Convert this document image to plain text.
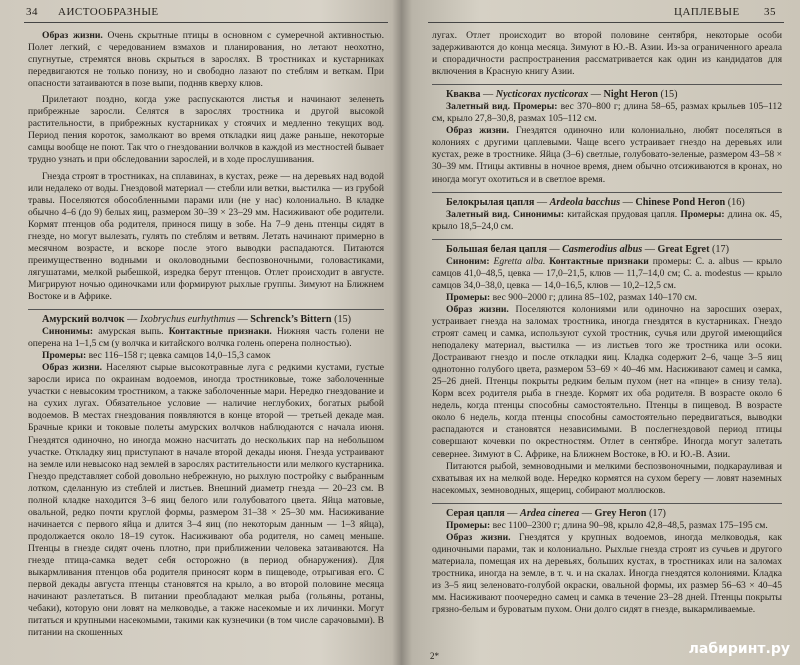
34 АИСТООБРАЗНЫЕ

Образ жизни. Очень скрытные птицы в основном с сумеречной активностью. Полет легкий, с чередованием взмахов и планирования, но летают неохотно, спугнутые, стремятся вновь скрыться в зарослях. В тростниках и кустарниках передвигаются не только понизу, но и свободно лазают по стеблям и веткам. При опасности затаиваются в позе выпи, подняв кверху клюв.

Прилетают поздно, когда уже распускаются листья и начинают зеленеть прибрежные заросли. Селятся в зарослях тростника и другой высокой растительности, в прибрежных кустарниках у стоячих и медленно текущих вод. Период пения короток, замолкают во время откладки яиц даже раньше, некоторые самцы вообще не поют. Так что о гнездовании волчков в каждой из местностей бывает трудно узнать и при обследовании зарослей, и в ходе прослушивания.

Гнезда строят в тростниках, на сплавинах, в кустах, реже — на деревьях над водой или недалеко от воды. Гнездовой материал — стебли или ветки, выстилка — из грубой травы. Поселяются обособленными парами или (не у нас) колониально. В кладке обычно 4–6 (до 9) белых яиц, размером 30–39 × 23–29 мм. Насиживают обе родители. Кормят птенцов оба родителя, принося пищу в зобе. На 7–9 день птенцы сидят в гнезде, но могут вылезать, гулять по стеблям и ветвям. Летать начинают примерно в месячном возрасте, и вскоре после этого выводки распадаются. Питаются преимущественно водными и околоводными беспозвоночными, головастиками, лягушатами, мелкой рыбешкой, изредка берут птенцов. Отлет происходит в августе. Мигрируют ночью одиночками или формируют рыхлые группы. Зимуют на Ближнем Востоке и в Африке.

Амурский волчок — Ixobrychus eurhythmus — Schrenck’s Bittern (15)

Синонимы: амурская выпь. Контактные признаки. Нижняя часть голени не оперена на 1–1,5 см (у волчка и китайского волчка голень оперена полностью).

Промеры: вес 116–158 г; цевка самцов 14,0–15,3 самок

Образ жизни. Населяют сырые высокотравные луга с редкими кустами, густые заросли ириса по окраинам водоемов, иногда тростниковые, тоже заболоченные участки с невысоким тростником, а также заболоченные мари. Нередко гнездование и на сухих лугах. Обязательное условие — наличие неглубоких, богатых рыбой водоемов. В местах гнездования появляются в конце второй — третьей декаде мая. Брачные крики и токовые полеты амурских волчков наблюдаются с начала июня. Гнездятся одиночно, но иногда можно насчитать до нескольких пар на небольшом участке. Откладку яиц приступают в начале второй декады июня. Гнезда устраивают на земле или невысоко над землей в зарослях растительности или мелкого кустарника. Гнездо представляет собой довольно небрежную, но рыхлую постройку с выбранным лотком, сделанную из стеблей и листьев. Внешний диаметр гнезда — 20–23 см. В полной кладке находится 3–6 яиц белого или голубоватого цвета. Яйца матовые, овальной, редко почти круглой формы, размером 31–38 × 25–30 мм. Насиживание начинается с первого яйца и длится 3–4 яиц (по некоторым данным — 1–3 яйца), продолжается около 18–19 суток. Насиживают оба родителя, но самец меньше. Птенцы в гнезде сидят очень плотно, при приближении человека затаиваются. На гнезде птица-самка ведет себя осторожно (в период обнаружения). Для выкармливания птенцов оба родителя приносят корм в пищеводе, отрыгивая его. С первой декады августа птенцы становятся на крыло, а во второй половине месяца начинают разлетаться. В питании преобладают мелкая рыба (гольяны, ротаны, чебаки), которую они ловят на мелководье, а также насекомые и их личинки. Могут питаться и крупными насекомыми, такими как кузнечики (в том числе сарачовыми). В питании на скошенных

ЦАПЛЕВЫЕ 35

лугах. Отлет происходит во второй половине сентября, некоторые особи задерживаются до конца месяца. Зимуют в Ю.-В. Азии. Из-за ограниченного ареала и спорадичности распространения рассматривается как один из кандидатов для включения в Красную книгу Азии.

Кваква — Nycticorax nycticorax — Night Heron (15)

Залетный вид. Промеры: вес 370–800 г; длина 58–65, размах крыльев 105–112 см, крыло 27,8–30,8, размах 105–112 см.

Образ жизни. Гнездятся одиночно или колониально, любят поселяться в колониях с другими цаплевыми. Чаще всего устраивает гнездо на деревьях или кустах, реже в тростнике. Яйца (3–6) светлые, голубовато-зеленые, размером 43–58 × 30–39 мм. Птицы активны в ночное время, днем обычно отсиживаются в кронах, но иногда могут охотиться и в светлое время.

Белокрылая цапля — Ardeola bacchus — Chinese Pond Heron (16)

Залетный вид. Синонимы: китайская прудовая цапля. Промеры: длина ок. 45, крыло 18,5–24,0 см.

Большая белая цапля — Casmerodius albus — Great Egret (17)

Синоним: Egretta alba. Контактные признаки промеры: C. a. albus — крыло самцов 41,0–48,5, цевка — 17,0–21,5, клюв — 11,7–14,0 см; C. a. modestus — крыло самцов 34,0–38,0, цевка — 14,0–16,5, клюв — 10,2–12,5 см.

Промеры: вес 900–2000 г; длина 85–102, размах 140–170 см.

Образ жизни. Поселяются колониями или одиночно на заросших озерах, устраивает гнезда на заломах тростника, иногда гнездятся в кустарниках. Гнездо строят самец и самка, используют сухой тростник, сучья или другой имеющийся неподалеку материал, выстилка — из листьев того же тростника или осоки. Достраивают гнездо и после откладки яиц. Кладка содержит 2–6, чаще 3–5 яиц однотонно голубого цвета, размером 53–69 × 40–46 мм. Насиживают самец и самка, 25–26 дней. Птенцы покрыты редким белым пухом (нет на «пнце» в снизу тела). Корм всех родителя рыба в гнезде. Кормят их оба родителя. В возрасте около 6 недель, когда птенцы способны самостоятельно. Птенцы в пищевод. В возрасте около 6 недель, когда птенцы способны самостоятельно передвигаться, выводки распадаются и становятся независимыми. В послегнездовой период птицы совершают кочевки по окрестностям. Отлет в сентябре. Иногда могут залетать севернее. Зимуют в С. Африке, на Ближнем Востоке, в Ю. и Ю.-В. Азии.

Питаются рыбой, земноводными и мелкими беспозвоночными, подкарауливая и схватывая их на мелкой воде. Нередко кормятся на сухом берегу — ловят наземных насекомых, земноводных, ящериц, собирают моллюсков.

Серая цапля — Ardea cinerea — Grey Heron (17)

Промеры: вес 1100–2300 г; длина 90–98, крыло 42,8–48,5, размах 175–195 см.

Образ жизни. Гнездятся у крупных водоемов, иногда мелководья, как одиночными парами, так и колониально. Рыхлые гнезда строят из сучьев и другого материала, помещая их на деревьях, больших кустах, в тростниках или на заломах тростника, иногда на земле, в т. ч. и на скалах. Иногда гнездятся колониями. Кладка из 3–5 яиц зеленовато-голубой окраски, овальной формы, их размер 56–63 × 40–45 мм. Насиживают поочередно самец и самка в течение 23–28 дней. Птенцы покрыты грязно-белым и буроватым пухом. Они долго сидят в гнезде, выкармливаемые.

2*	лабиринт.ру
